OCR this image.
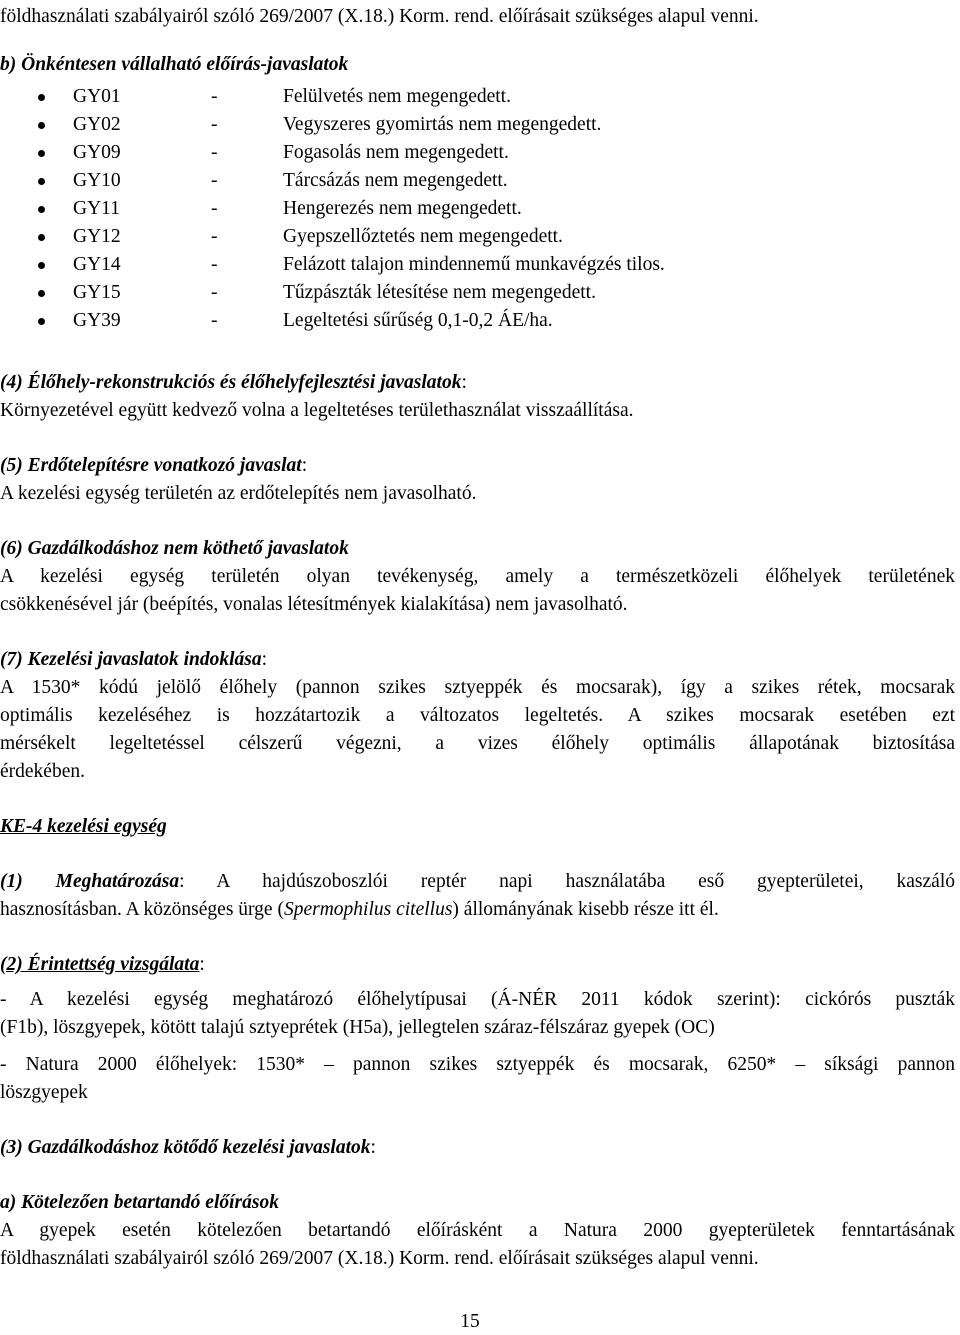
földhasználati szabályairól szóló 269/2007 (X.18.) Korm. rend. előírásait szükséges alapul venni.
b) Önkéntesen vállalható előírás-javaslatok
GY01	-	Felülvetés nem megengedett.
GY02	-	Vegyszeres gyomirtás nem megengedett.
GY09	-	Fogasolás nem megengedett.
GY10	-	Tárcsázás nem megengedett.
GY11	-	Hengerezés nem megengedett.
GY12	-	Gyepszellőztetés nem megengedett.
GY14	-	Felázott talajon mindennemű munkavégzés tilos.
GY15	-	Tűzpászták létesítése nem megengedett.
GY39	-	Legeltetési sűrűség 0,1-0,2 ÁE/ha.
(4) Élőhely-rekonstrukciós és élőhelyfejlesztési javaslatok:
Környezetével együtt kedvező volna a legeltetéses területhasználat visszaállítása.
(5) Erdőtelepítésre vonatkozó javaslat:
A kezelési egység területén az erdőtelepítés nem javasolható.
(6) Gazdálkodáshoz nem köthető javaslatok
A kezelési egység területén olyan tevékenység, amely a természetközeli élőhelyek területének
csökkenésével jár (beépítés, vonalas létesítmények kialakítása) nem javasolható.
(7) Kezelési javaslatok indoklása:
A 1530* kódú jelölő élőhely (pannon szikes sztyeppék és mocsarak), így a szikes rétek, mocsarak
optimális kezeléséhez is hozzátartozik a változatos legeltetés. A szikes mocsarak esetében ezt
mérsékelt legeltetéssel célszerű végezni, a vizes élőhely optimális állapotának biztosítása
érdekében.
KE-4 kezelési egység
(1) Meghatározása: A hajdúszoboszlói reptér napi használatába eső gyepterületei, kaszáló
hasznosításban. A közönséges ürge (Spermophilus citellus) állományának kisebb része itt él.
(2) Érintettség vizsgálata:
- A kezelési egység meghatározó élőhelytípusai (Á-NÉR 2011 kódok szerint): cickórós puszták
(F1b), löszgyepek, kötött talajú sztyeprétek (H5a), jellegtelen száraz-félszáraz gyepek (OC)
- Natura 2000 élőhelyek: 1530* – pannon szikes sztyeppék és mocsarak, 6250* – síksági pannon
löszgyepek
(3) Gazdálkodáshoz kötődő kezelési javaslatok:
a) Kötelezően betartandó előírások
A gyepek esetén kötelezően betartandó előírásként a Natura 2000 gyepterületek fenntartásának
földhasználati szabályairól szóló 269/2007 (X.18.) Korm. rend. előírásait szükséges alapul venni.
15
